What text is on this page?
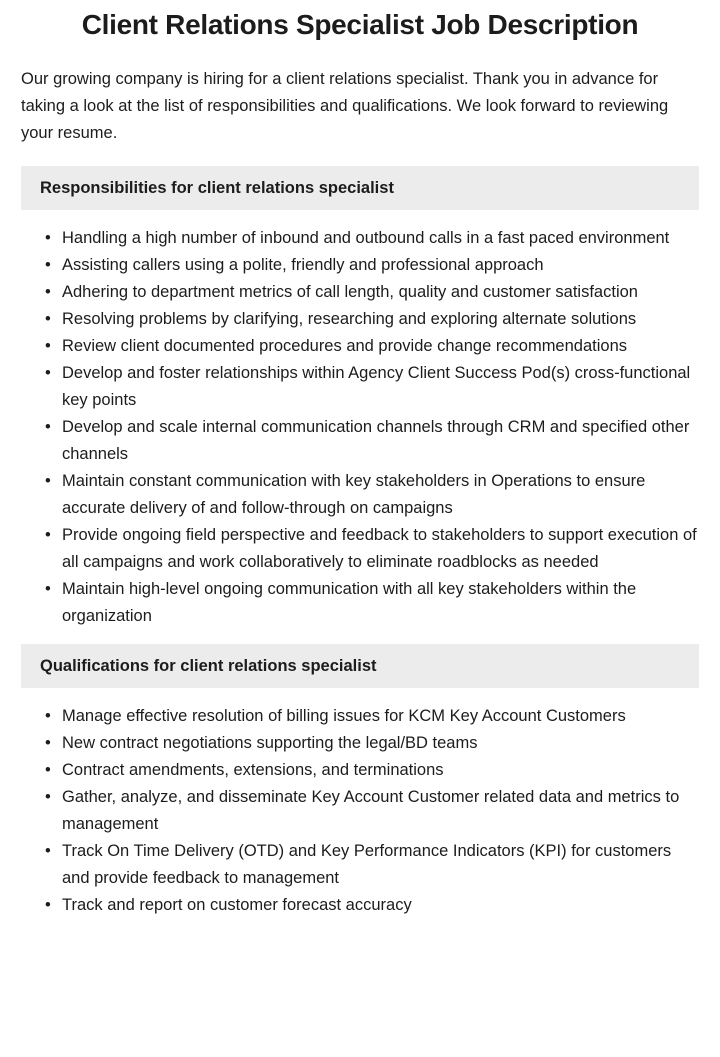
Client Relations Specialist Job Description

Our growing company is hiring for a client relations specialist. Thank you in advance for taking a look at the list of responsibilities and qualifications. We look forward to reviewing your resume.

Responsibilities for client relations specialist
• Handling a high number of inbound and outbound calls in a fast paced environment
• Assisting callers using a polite, friendly and professional approach
• Adhering to department metrics of call length, quality and customer satisfaction
• Resolving problems by clarifying, researching and exploring alternate solutions
• Review client documented procedures and provide change recommendations
• Develop and foster relationships within Agency Client Success Pod(s) cross-functional key points
• Develop and scale internal communication channels through CRM and specified other channels
• Maintain constant communication with key stakeholders in Operations to ensure accurate delivery of and follow-through on campaigns
• Provide ongoing field perspective and feedback to stakeholders to support execution of all campaigns and work collaboratively to eliminate roadblocks as needed
• Maintain high-level ongoing communication with all key stakeholders within the organization
Qualifications for client relations specialist
• Manage effective resolution of billing issues for KCM Key Account Customers
• New contract negotiations supporting the legal/BD teams
• Contract amendments, extensions, and terminations
• Gather, analyze, and disseminate Key Account Customer related data and metrics to management
• Track On Time Delivery (OTD) and Key Performance Indicators (KPI) for customers and provide feedback to management
• Track and report on customer forecast accuracy
